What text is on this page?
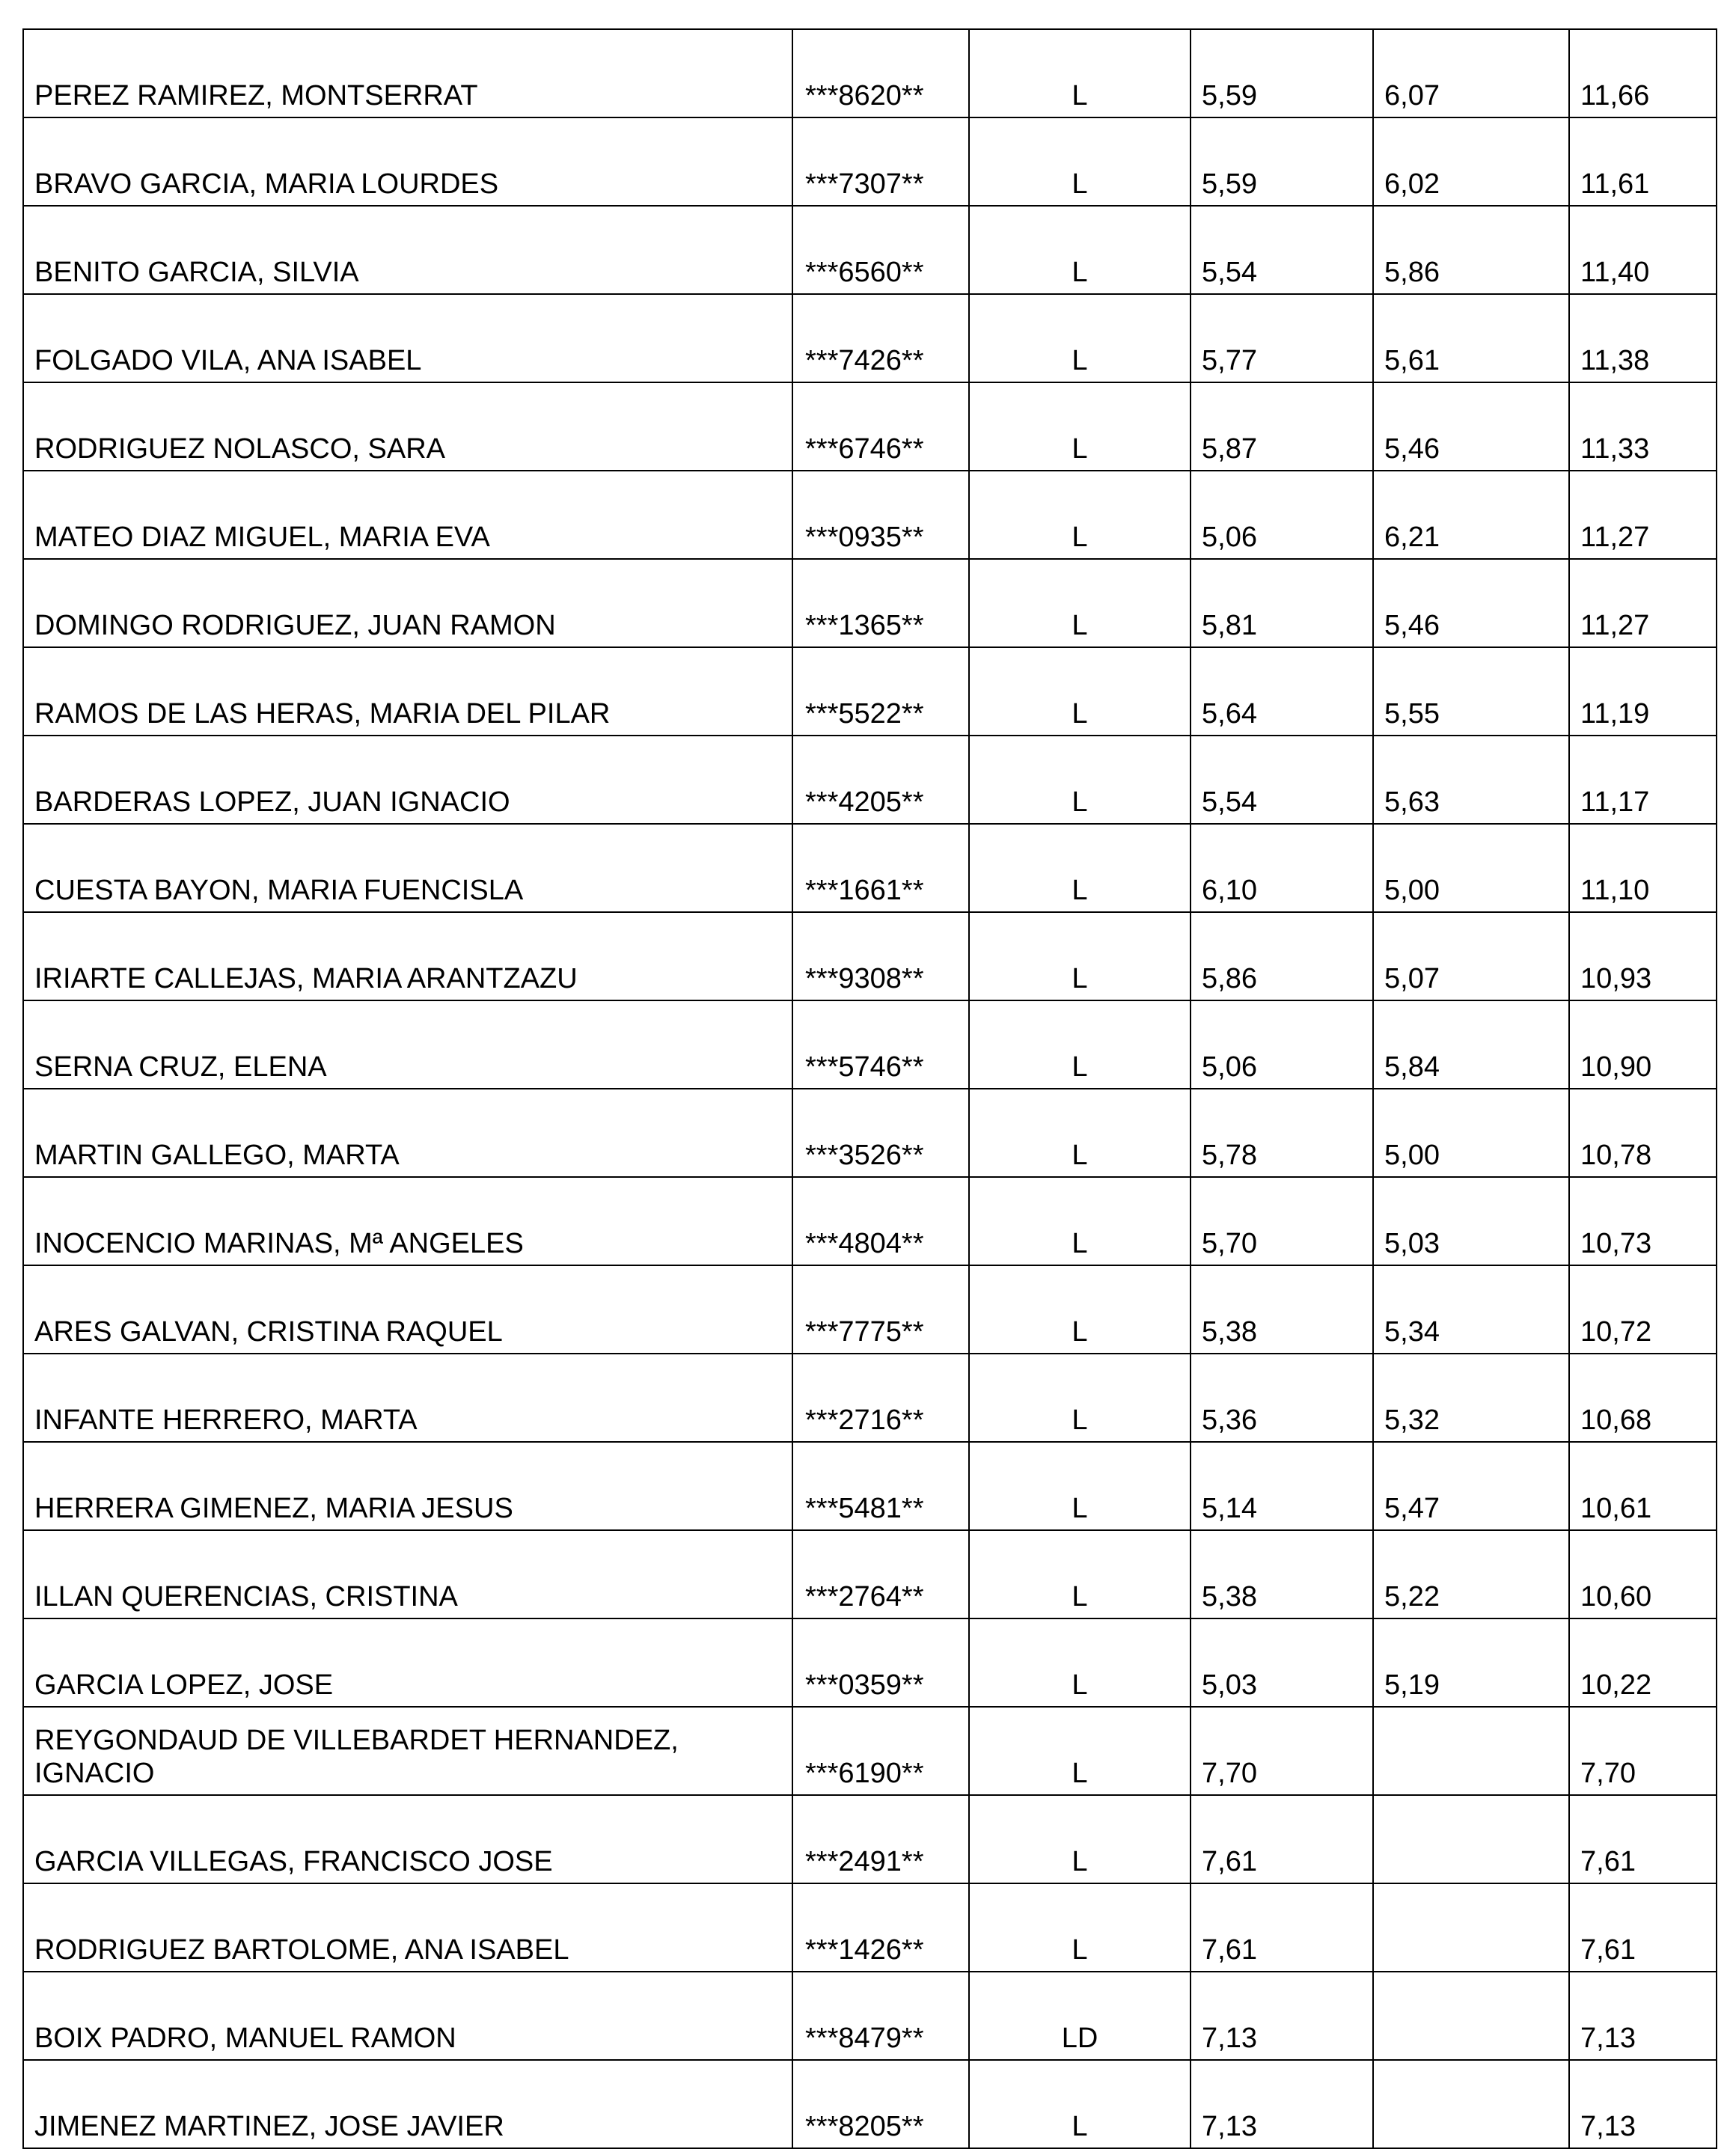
PEREZ RAMIREZ, MONTSERRAT	***8620**	L	5,59	6,07	11,66
BRAVO GARCIA, MARIA LOURDES	***7307**	L	5,59	6,02	11,61
BENITO GARCIA, SILVIA	***6560**	L	5,54	5,86	11,40
FOLGADO VILA, ANA ISABEL	***7426**	L	5,77	5,61	11,38
RODRIGUEZ NOLASCO, SARA	***6746**	L	5,87	5,46	11,33
MATEO DIAZ MIGUEL, MARIA EVA	***0935**	L	5,06	6,21	11,27
DOMINGO RODRIGUEZ, JUAN RAMON	***1365**	L	5,81	5,46	11,27
RAMOS DE LAS HERAS, MARIA DEL PILAR	***5522**	L	5,64	5,55	11,19
BARDERAS LOPEZ, JUAN IGNACIO	***4205**	L	5,54	5,63	11,17
CUESTA BAYON, MARIA FUENCISLA	***1661**	L	6,10	5,00	11,10
IRIARTE CALLEJAS, MARIA ARANTZAZU	***9308**	L	5,86	5,07	10,93
SERNA CRUZ, ELENA	***5746**	L	5,06	5,84	10,90
MARTIN GALLEGO, MARTA	***3526**	L	5,78	5,00	10,78
INOCENCIO MARINAS, Mª ANGELES	***4804**	L	5,70	5,03	10,73
ARES GALVAN, CRISTINA RAQUEL	***7775**	L	5,38	5,34	10,72
INFANTE HERRERO, MARTA	***2716**	L	5,36	5,32	10,68
HERRERA GIMENEZ, MARIA JESUS	***5481**	L	5,14	5,47	10,61
ILLAN QUERENCIAS, CRISTINA	***2764**	L	5,38	5,22	10,60
GARCIA LOPEZ, JOSE	***0359**	L	5,03	5,19	10,22
REYGONDAUD DE VILLEBARDET HERNANDEZ, IGNACIO	***6190**	L	7,70		7,70
GARCIA VILLEGAS, FRANCISCO JOSE	***2491**	L	7,61		7,61
RODRIGUEZ BARTOLOME, ANA ISABEL	***1426**	L	7,61		7,61
BOIX PADRO, MANUEL RAMON	***8479**	LD	7,13		7,13
JIMENEZ MARTINEZ, JOSE JAVIER	***8205**	L	7,13		7,13
